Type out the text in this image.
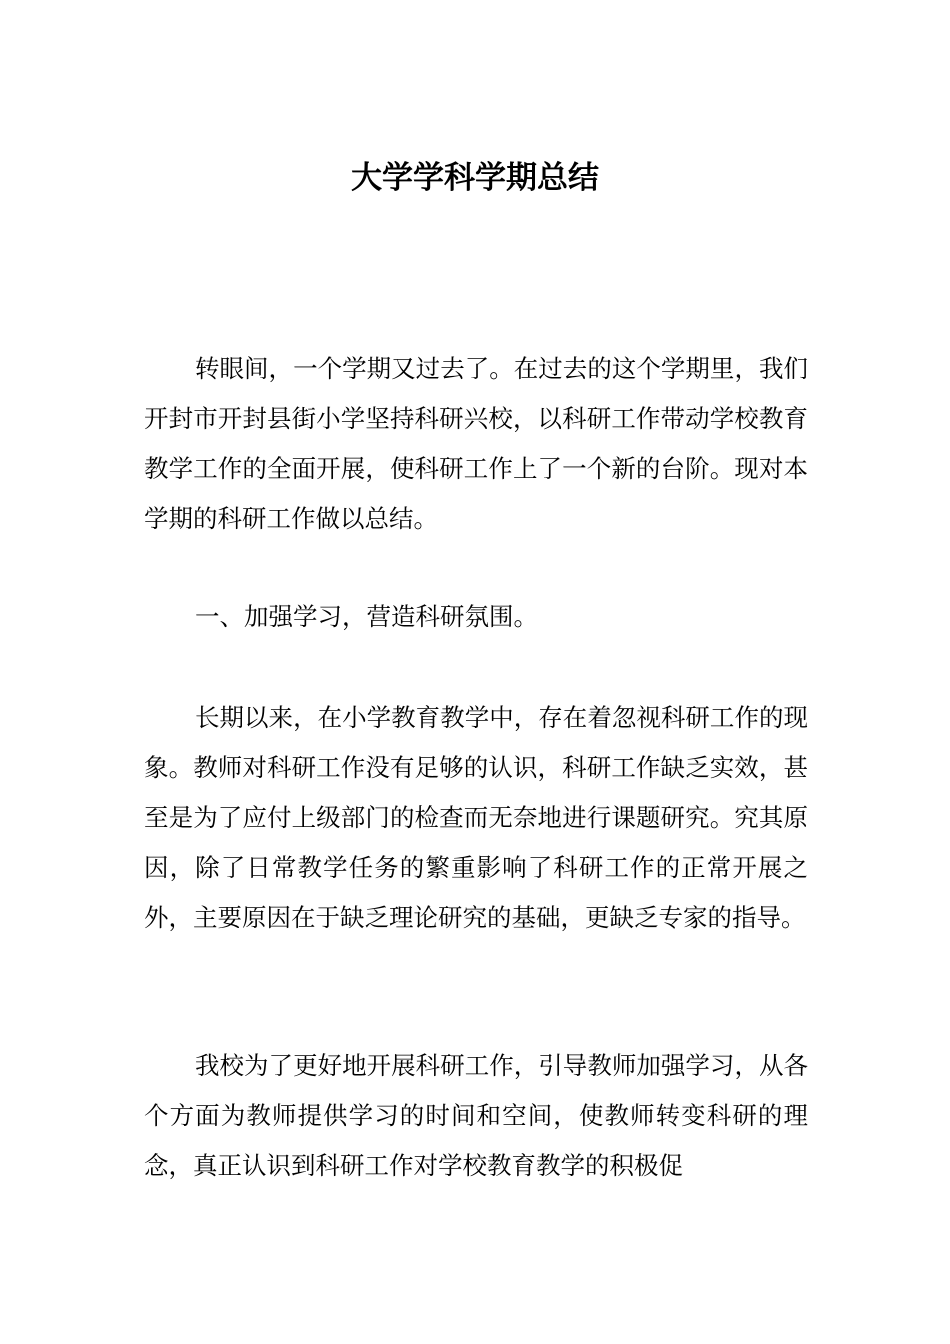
大学学科学期总结

转眼间，一个学期又过去了。在过去的这个学期里，我们开封市开封县街小学坚持科研兴校，以科研工作带动学校教育教学工作的全面开展，使科研工作上了一个新的台阶。现对本学期的科研工作做以总结。

一、加强学习，营造科研氛围。

长期以来，在小学教育教学中，存在着忽视科研工作的现象。教师对科研工作没有足够的认识，科研工作缺乏实效，甚至是为了应付上级部门的检查而无奈地进行课题研究。究其原因，除了日常教学任务的繁重影响了科研工作的正常开展之外，主要原因在于缺乏理论研究的基础，更缺乏专家的指导。

我校为了更好地开展科研工作，引导教师加强学习，从各个方面为教师提供学习的时间和空间，使教师转变科研的理念，真正认识到科研工作对学校教育教学的积极促
